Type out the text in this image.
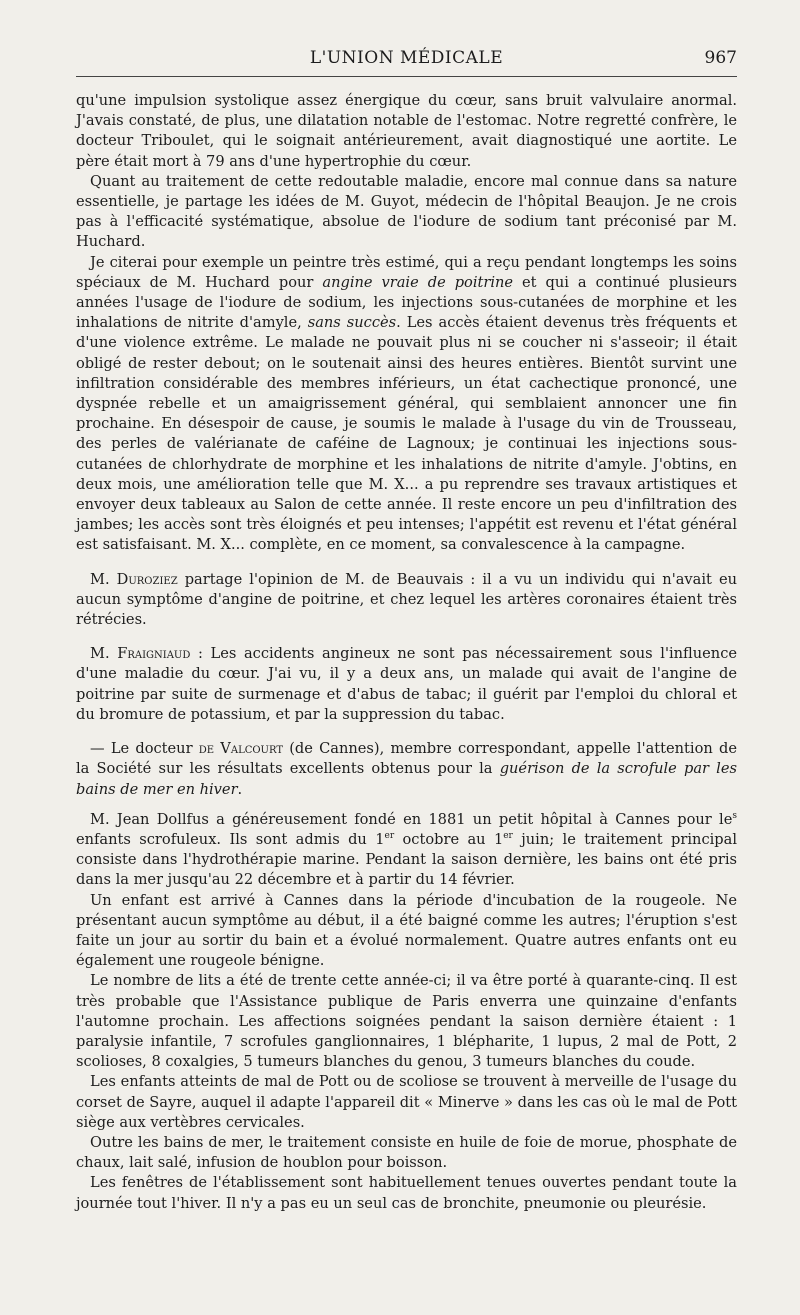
L'UNION MÉDICALE	967

qu'une impulsion systolique assez énergique du cœur, sans bruit valvulaire anormal. J'avais constaté, de plus, une dilatation notable de l'estomac. Notre regretté confrère, le docteur Triboulet, qui le soignait antérieurement, avait diagnostiqué une aortite. Le père était mort à 79 ans d'une hypertrophie du cœur.

Quant au traitement de cette redoutable maladie, encore mal connue dans sa nature essentielle, je partage les idées de M. Guyot, médecin de l'hôpital Beaujon. Je ne crois pas à l'efficacité systématique, absolue de l'iodure de sodium tant préconisé par M. Huchard.

Je citerai pour exemple un peintre très estimé, qui a reçu pendant longtemps les soins spéciaux de M. Huchard pour angine vraie de poitrine et qui a continué plusieurs années l'usage de l'iodure de sodium, les injections sous-cutanées de morphine et les inhalations de nitrite d'amyle, sans succès. Les accès étaient devenus très fréquents et d'une violence extrême. Le malade ne pouvait plus ni se coucher ni s'asseoir; il était obligé de rester debout; on le soutenait ainsi des heures entières. Bientôt survint une infiltration considérable des membres inférieurs, un état cachectique prononcé, une dyspnée rebelle et un amaigrissement général, qui semblaient annoncer une fin prochaine. En désespoir de cause, je soumis le malade à l'usage du vin de Trousseau, des perles de valérianate de caféine de Lagnoux; je continuai les injections sous-cutanées de chlorhydrate de morphine et les inhalations de nitrite d'amyle. J'obtins, en deux mois, une amélioration telle que M. X... a pu reprendre ses travaux artistiques et envoyer deux tableaux au Salon de cette année. Il reste encore un peu d'infiltration des jambes; les accès sont très éloignés et peu intenses; l'appétit est revenu et l'état général est satisfaisant. M. X... complète, en ce moment, sa convalescence à la campagne.

M. Duroziez partage l'opinion de M. de Beauvais : il a vu un individu qui n'avait eu aucun symptôme d'angine de poitrine, et chez lequel les artères coronaires étaient très rétrécies.

M. Fraigniaud : Les accidents angineux ne sont pas nécessairement sous l'influence d'une maladie du cœur. J'ai vu, il y a deux ans, un malade qui avait de l'angine de poitrine par suite de surmenage et d'abus de tabac; il guérit par l'emploi du chloral et du bromure de potassium, et par la suppression du tabac.

— Le docteur de Valcourt (de Cannes), membre correspondant, appelle l'attention de la Société sur les résultats excellents obtenus pour la guérison de la scrofule par les bains de mer en hiver.

M. Jean Dollfus a généreusement fondé en 1881 un petit hôpital à Cannes pour $le^s$ enfants scrofuleux. Ils sont admis du 1er octobre au 1er juin; le traitement principal consiste dans l'hydrothérapie marine. Pendant la saison dernière, les bains ont été pris dans la mer jusqu'au 22 décembre et à partir du 14 février.

Un enfant est arrivé à Cannes dans la période d'incubation de la rougeole. Ne présentant aucun symptôme au début, il a été baigné comme les autres; l'éruption s'est faite un jour au sortir du bain et a évolué normalement. Quatre autres enfants ont eu également une rougeole bénigne.

Le nombre de lits a été de trente cette année-ci; il va être porté à quarante-cinq. Il est très probable que l'Assistance publique de Paris enverra une quinzaine d'enfants l'automne prochain. Les affections soignées pendant la saison dernière étaient : 1 paralysie infantile, 7 scrofules ganglionnaires, 1 blépharite, 1 lupus, 2 mal de Pott, 2 scolioses, 8 coxalgies, 5 tumeurs blanches du genou, 3 tumeurs blanches du coude.

Les enfants atteints de mal de Pott ou de scoliose se trouvent à merveille de l'usage du corset de Sayre, auquel il adapte l'appareil dit « Minerve » dans les cas où le mal de Pott siège aux vertèbres cervicales.

Outre les bains de mer, le traitement consiste en huile de foie de morue, phosphate de chaux, lait salé, infusion de houblon pour boisson.

Les fenêtres de l'établissement sont habituellement tenues ouvertes pendant toute la journée tout l'hiver. Il n'y a pas eu un seul cas de bronchite, pneumonie ou pleurésie.
